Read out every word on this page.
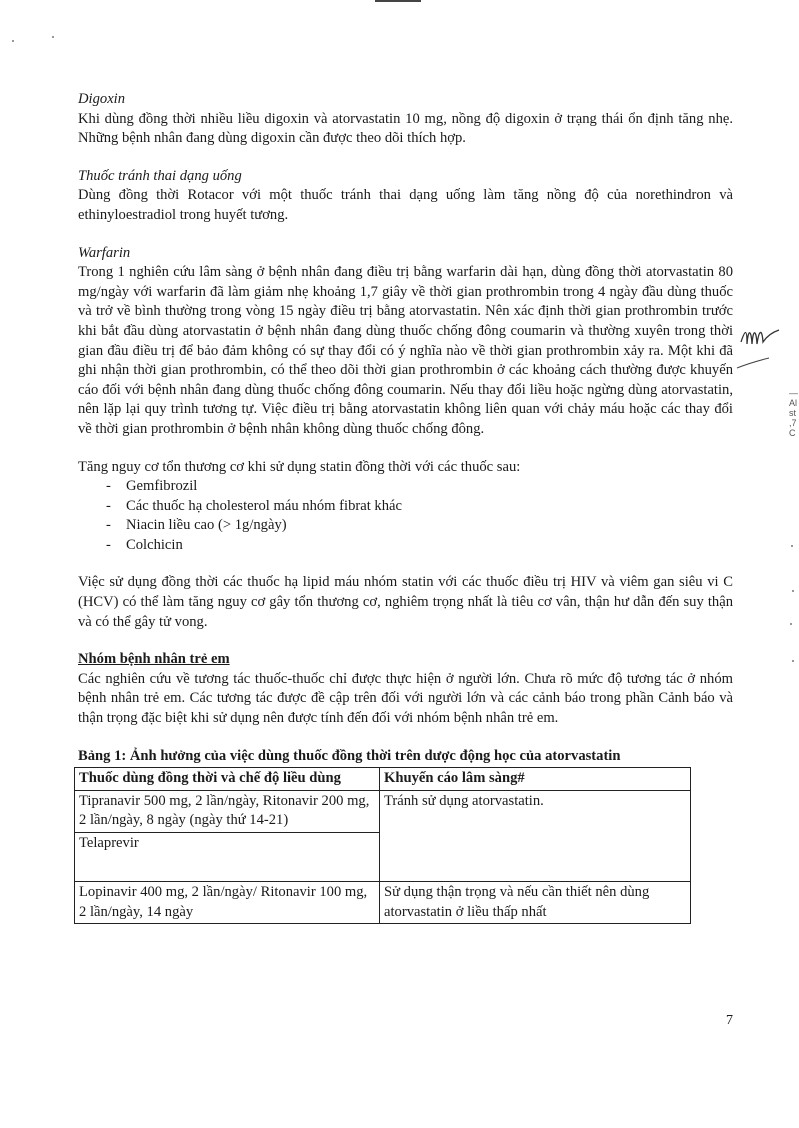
Digoxin

Khi dùng đồng thời nhiều liều digoxin và atorvastatin 10 mg, nồng độ digoxin ở trạng thái ổn định tăng nhẹ. Những bệnh nhân đang dùng digoxin cần được theo dõi thích hợp.

Thuốc tránh thai dạng uống

Dùng đồng thời Rotacor với một thuốc tránh thai dạng uống làm tăng nồng độ của norethindron và ethinyloestradiol trong huyết tương.

Warfarin

Trong 1 nghiên cứu lâm sàng ở bệnh nhân đang điều trị bằng warfarin dài hạn, dùng đồng thời atorvastatin 80 mg/ngày với warfarin đã làm giảm nhẹ khoảng 1,7 giây về thời gian prothrombin trong 4 ngày đầu dùng thuốc và trở về bình thường trong vòng 15 ngày điều trị bằng atorvastatin. Nên xác định thời gian prothrombin trước khi bắt đầu dùng atorvastatin ở bệnh nhân đang dùng thuốc chống đông coumarin và thường xuyên trong thời gian đầu điều trị để bảo đảm không có sự thay đổi có ý nghĩa nào về thời gian prothrombin xảy ra. Một khi đã ghi nhận thời gian prothrombin, có thể theo dõi thời gian prothrombin ở các khoảng cách thường được khuyến cáo đối với bệnh nhân đang dùng thuốc chống đông coumarin. Nếu thay đổi liều hoặc ngừng dùng atorvastatin, nên lặp lại quy trình tương tự. Việc điều trị bằng atorvastatin không liên quan với chảy máu hoặc các thay đổi về thời gian prothrombin ở bệnh nhân không dùng thuốc chống đông.

Tăng nguy cơ tổn thương cơ khi sử dụng statin đồng thời với các thuốc sau:

- Gemfibrozil
- Các thuốc hạ cholesterol máu nhóm fibrat khác
- Niacin liều cao (> 1g/ngày)
- Colchicin

Việc sử dụng đồng thời các thuốc hạ lipid máu nhóm statin với các thuốc điều trị HIV và viêm gan siêu vi C (HCV) có thể làm tăng nguy cơ gây tổn thương cơ, nghiêm trọng nhất là tiêu cơ vân, thận hư dẫn đến suy thận và có thể gây tử vong.

Nhóm bệnh nhân trẻ em

Các nghiên cứu về tương tác thuốc-thuốc chỉ được thực hiện ở người lớn. Chưa rõ mức độ tương tác ở nhóm bệnh nhân trẻ em. Các tương tác được đề cập trên đối với người lớn và các cảnh báo trong phần Cảnh báo và thận trọng đặc biệt khi sử dụng nên được tính đến đối với nhóm bệnh nhân trẻ em.

Bảng 1: Ảnh hưởng của việc dùng thuốc đồng thời trên dược động học của atorvastatin

Thuốc dùng đồng thời và chế độ liều dùng	Khuyến cáo lâm sàng#
Tipranavir 500 mg, 2 lần/ngày, Ritonavir 200 mg, 2 lần/ngày, 8 ngày (ngày thứ 14-21)	Tránh sử dụng atorvastatin.
Telaprevir	
Lopinavir 400 mg, 2 lần/ngày/ Ritonavir 100 mg, 2 lần/ngày, 14 ngày	Sử dụng thận trọng và nếu cần thiết nên dùng atorvastatin ở liều thấp nhất
—
Al
st
,7
C
7
